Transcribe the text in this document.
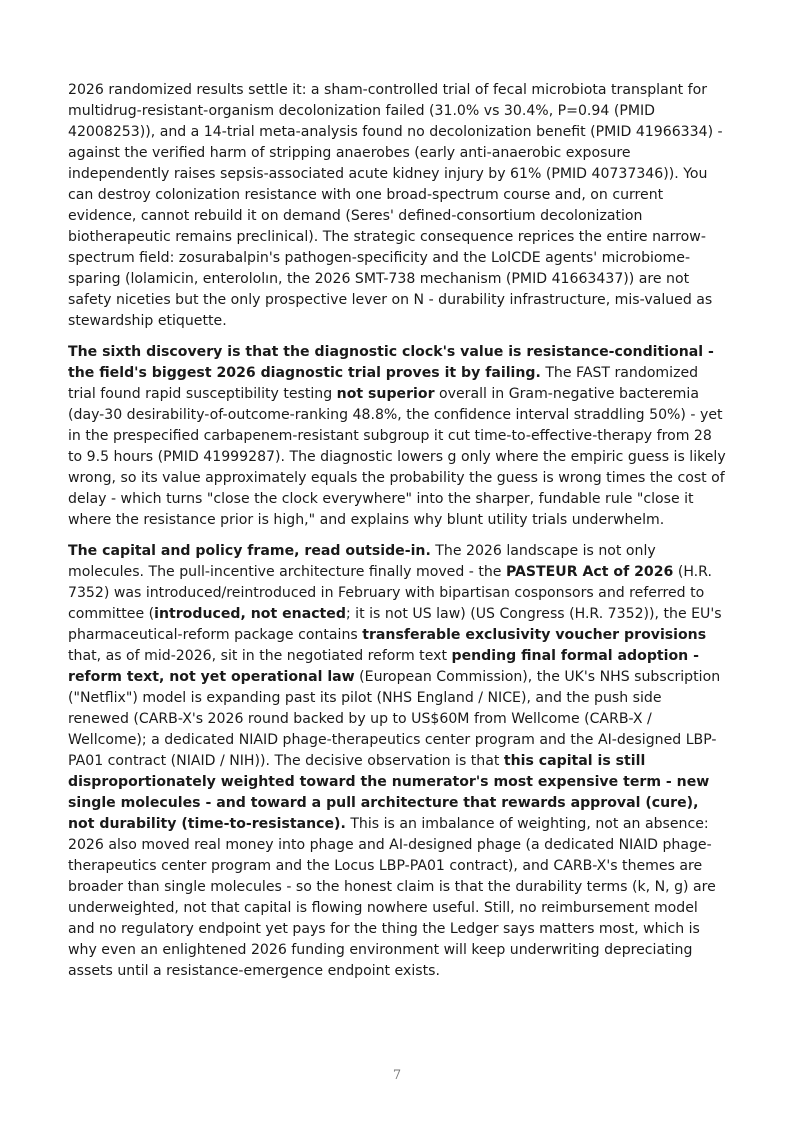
2026 randomized results settle it: a sham-controlled trial of fecal microbiota transplant for multidrug-resistant-organism decolonization failed (31.0% vs 30.4%, P=0.94 (PMID 42008253)), and a 14-trial meta-analysis found no decolonization benefit (PMID 41966334) - against the verified harm of stripping anaerobes (early anti-anaerobic exposure independently raises sepsis-associated acute kidney injury by 61% (PMID 40737346)). You can destroy colonization resistance with one broad-spectrum course and, on current evidence, cannot rebuild it on demand (Seres' defined-consortium decolonization biotherapeutic remains preclinical). The strategic consequence reprices the entire narrow-spectrum field: zosurabalpin's pathogen-specificity and the LolCDE agents' microbiome-sparing (lolamicin, enterololın, the 2026 SMT-738 mechanism (PMID 41663437)) are not safety niceties but the only prospective lever on N - durability infrastructure, mis-valued as stewardship etiquette.

The sixth discovery is that the diagnostic clock's value is resistance-conditional - the field's biggest 2026 diagnostic trial proves it by failing. The FAST randomized trial found rapid susceptibility testing not superior overall in Gram-negative bacteremia (day-30 desirability-of-outcome-ranking 48.8%, the confidence interval straddling 50%) - yet in the prespecified carbapenem-resistant subgroup it cut time-to-effective-therapy from 28 to 9.5 hours (PMID 41999287). The diagnostic lowers g only where the empiric guess is likely wrong, so its value approximately equals the probability the guess is wrong times the cost of delay - which turns "close the clock everywhere" into the sharper, fundable rule "close it where the resistance prior is high," and explains why blunt utility trials underwhelm.

The capital and policy frame, read outside-in. The 2026 landscape is not only molecules. The pull-incentive architecture finally moved - the PASTEUR Act of 2026 (H.R. 7352) was introduced/reintroduced in February with bipartisan cosponsors and referred to committee (introduced, not enacted; it is not US law) (US Congress (H.R. 7352)), the EU's pharmaceutical-reform package contains transferable exclusivity voucher provisions that, as of mid-2026, sit in the negotiated reform text pending final formal adoption - reform text, not yet operational law (European Commission), the UK's NHS subscription ("Netflix") model is expanding past its pilot (NHS England / NICE), and the push side renewed (CARB-X's 2026 round backed by up to US$60M from Wellcome (CARB-X / Wellcome); a dedicated NIAID phage-therapeutics center program and the AI-designed LBP-PA01 contract (NIAID / NIH)). The decisive observation is that this capital is still disproportionately weighted toward the numerator's most expensive term - new single molecules - and toward a pull architecture that rewards approval (cure), not durability (time-to-resistance). This is an imbalance of weighting, not an absence: 2026 also moved real money into phage and AI-designed phage (a dedicated NIAID phage-therapeutics center program and the Locus LBP-PA01 contract), and CARB-X's themes are broader than single molecules - so the honest claim is that the durability terms (k, N, g) are underweighted, not that capital is flowing nowhere useful. Still, no reimbursement model and no regulatory endpoint yet pays for the thing the Ledger says matters most, which is why even an enlightened 2026 funding environment will keep underwriting depreciating assets until a resistance-emergence endpoint exists.

7
